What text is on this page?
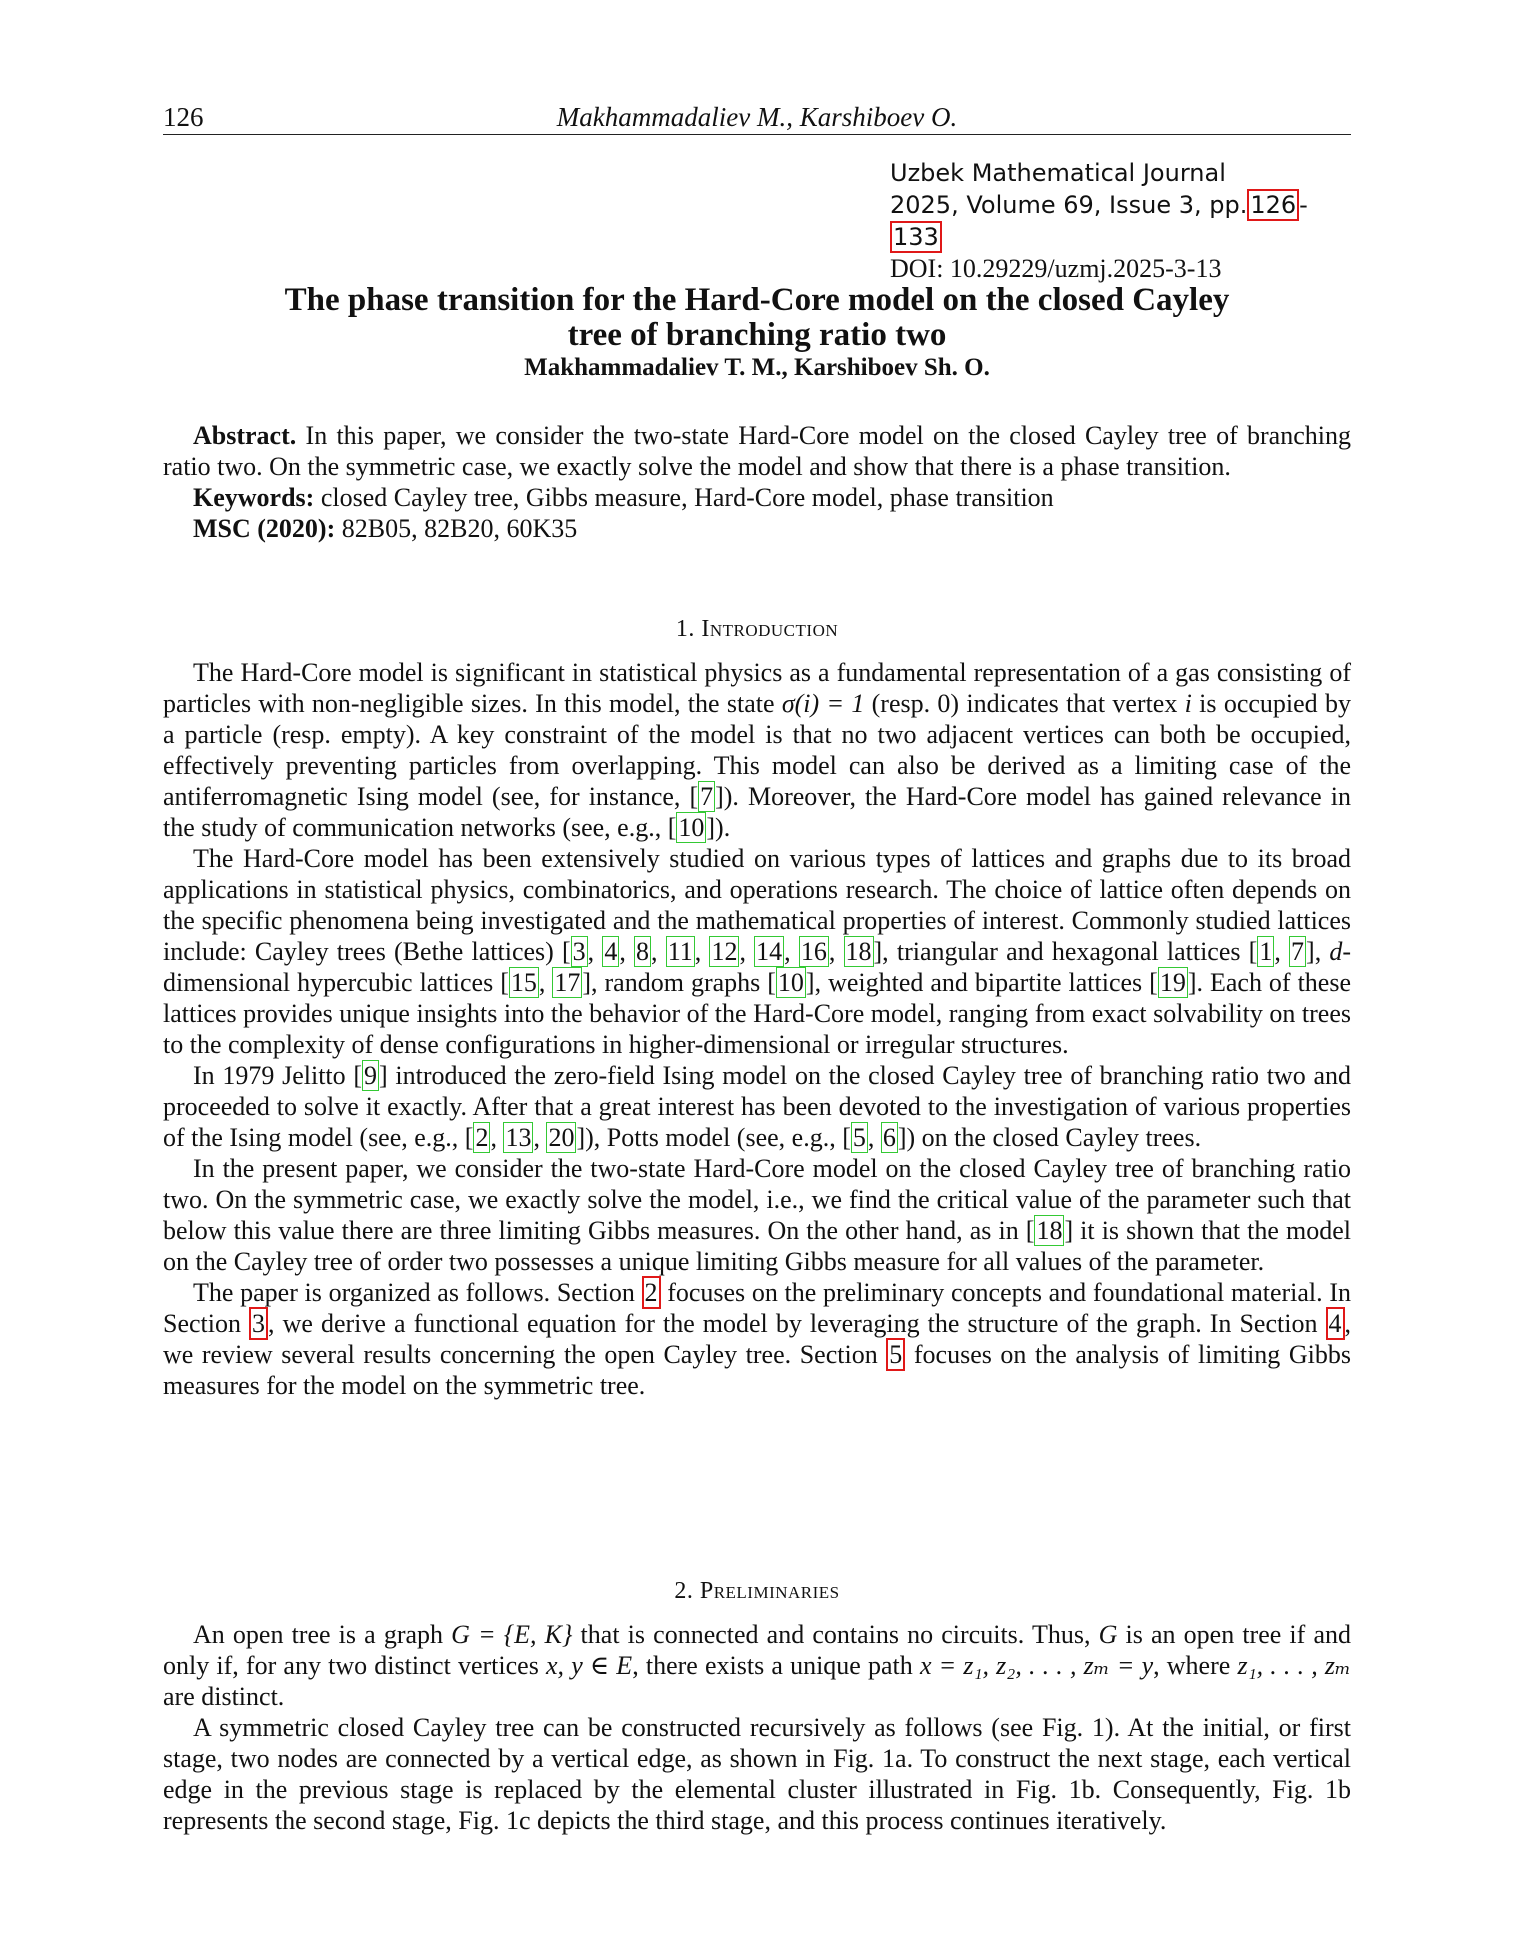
126	Makhammadaliev M., Karshiboev O.
Uzbek Mathematical Journal
2025, Volume 69, Issue 3, pp. 126 -133
DOI: 10.29229/uzmj.2025-3-13
The phase transition for the Hard-Core model on the closed Cayley
tree of branching ratio two
Makhammadaliev T. M., Karshiboev Sh. O.

Abstract. In this paper, we consider the two-state Hard-Core model on the closed Cayley tree of branching ratio two. On the symmetric case, we exactly solve the model and show that there is a phase transition.

Keywords: closed Cayley tree, Gibbs measure, Hard-Core model, phase transition
MSC (2020): 82B05, 82B20, 60K35

1. Introduction

The Hard-Core model is significant in statistical physics as a fundamental representation of a gas consisting of particles with non-negligible sizes. In this model, the state σ(i) = 1 (resp. 0) indicates that vertex i is occupied by a particle (resp. empty). A key constraint of the model is that no two adjacent vertices can both be occupied, effectively preventing particles from overlapping. This model can also be derived as a limiting case of the antiferromagnetic Ising model (see, for instance, [7]). Moreover, the Hard-Core model has gained relevance in the study of communication networks (see, e.g., [10]).

The Hard-Core model has been extensively studied on various types of lattices and graphs due to its broad applications in statistical physics, combinatorics, and operations research. The choice of lattice often depends on the specific phenomena being investigated and the mathematical properties of interest. Commonly studied lattices include: Cayley trees (Bethe lattices) [3, 4, 8, 11, 12, 14, 16, 18], triangular and hexagonal lattices [1, 7], d-dimensional hypercubic lattices [15, 17], random graphs [10], weighted and bipartite lattices [19]. Each of these lattices provides unique insights into the behavior of the Hard-Core model, ranging from exact solvability on trees to the complexity of dense configurations in higher-dimensional or irregular structures.

In 1979 Jelitto [9] introduced the zero-field Ising model on the closed Cayley tree of branching ratio two and proceeded to solve it exactly. After that a great interest has been devoted to the investigation of various properties of the Ising model (see, e.g., [2, 13, 20]), Potts model (see, e.g., [5, 6]) on the closed Cayley trees.

In the present paper, we consider the two-state Hard-Core model on the closed Cayley tree of branching ratio two. On the symmetric case, we exactly solve the model, i.e., we find the critical value of the parameter such that below this value there are three limiting Gibbs measures. On the other hand, as in [18] it is shown that the model on the Cayley tree of order two possesses a unique limiting Gibbs measure for all values of the parameter.

The paper is organized as follows. Section 2 focuses on the preliminary concepts and foundational material. In Section 3 , we derive a functional equation for the model by leveraging the structure of the graph. In Section 4 , we review several results concerning the open Cayley tree. Section 5 focuses on the analysis of limiting Gibbs measures for the model on the symmetric tree.

2. Preliminaries

An open tree is a graph G = {E, K} that is connected and contains no circuits. Thus, G is an open tree if and only if, for any two distinct vertices x, y ∈ E, there exists a unique path x = z₁, z₂, . . . , zₘ = y, where z₁, . . . , zₘ are distinct.

A symmetric closed Cayley tree can be constructed recursively as follows (see Fig. 1). At the initial, or first stage, two nodes are connected by a vertical edge, as shown in Fig. 1a. To construct the next stage, each vertical edge in the previous stage is replaced by the elemental cluster illustrated in Fig. 1b. Consequently, Fig. 1b represents the second stage, Fig. 1c depicts the third stage, and this process continues iteratively.
